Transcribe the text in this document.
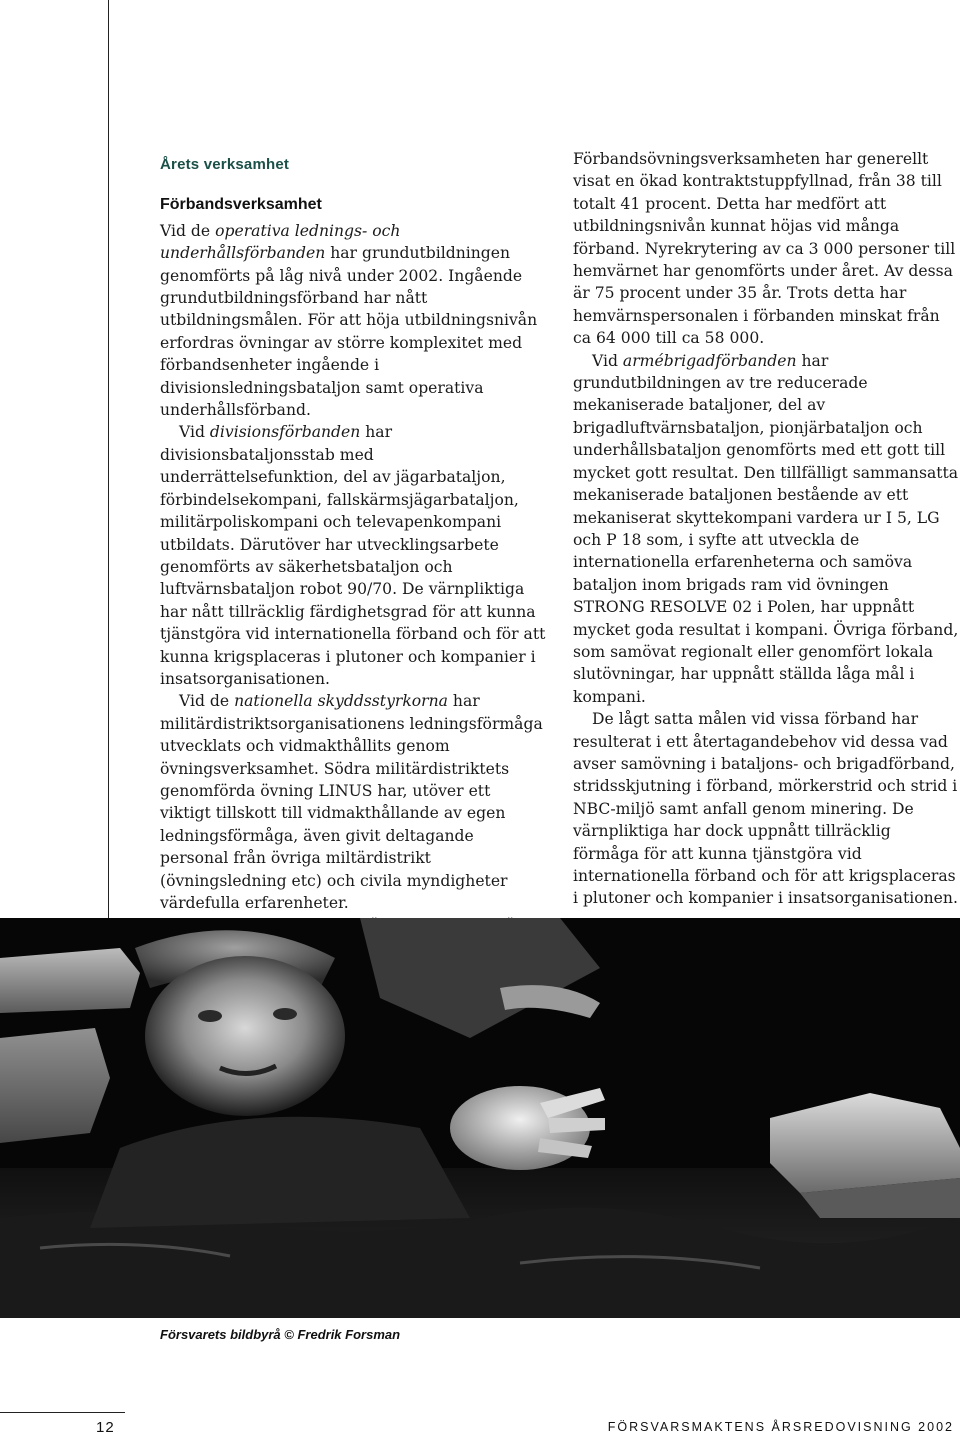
Årets verksamhet
Förbandsverksamhet

Vid de operativa lednings- och underhållsförbanden har grundutbildningen genomförts på låg nivå under 2002. Ingående grundutbildningsförband har nått utbildningsmålen. För att höja utbildningsnivån erfordras övningar av större komplexitet med förbandsenheter ingående i divisionsledningsbataljon samt operativa underhållsförband.

Vid divisionsförbanden har divisionsbataljonsstab med underrättelsefunktion, del av jägarbataljon, förbindelsekompani, fallskärmsjägarbataljon, militärpoliskompani och televapenkompani utbildats. Därutöver har utvecklingsarbete genomförts av säkerhetsbataljon och luftvärnsbataljon robot 90/70. De värnpliktiga har nått tillräcklig färdighetsgrad för att kunna tjänstgöra vid internationella förband och för att kunna krigsplaceras i plutoner och kompanier i insatsorganisationen.

Vid de nationella skyddsstyrkorna har militärdistriktsorganisationens ledningsförmåga utvecklats och vidmakthållits genom övningsverksamhet. Södra militärdistriktets genomförda övning LINUS har, utöver ett viktigt tillskott till vidmakthållande av egen ledningsförmåga, även givit deltagande personal från övriga miltärdistrikt (övningsledning etc) och civila myndigheter värdefulla erfarenheter.

Förbandsövningsverksamheten har generellt visat en ökad kontraktstuppfyllnad, från 38 till totalt 41 procent. Detta har medfört att utbildningsnivån kunnat höjas vid många förband. Nyrekrytering av ca 3 000 personer till hemvärnet har genomförts under året. Av dessa är 75 procent under 35 år. Trots detta har hemvärnspersonalen i förbanden minskat från ca 64 000 till ca 58 000.

Vid armébrigadförbanden har grundutbildningen av tre reducerade mekaniserade bataljoner, del av brigadluftvärnsbataljon, pionjärbataljon och underhållsbataljon genomförts med ett gott till mycket gott resultat. Den tillfälligt sammansatta mekaniserade bataljonen bestående av ett mekaniserat skyttekompani vardera ur I 5, LG och P 18 som, i syfte att utveckla de internationella erfarenheterna och samöva bataljon inom brigads ram vid övningen STRONG RESOLVE 02 i Polen, har uppnått mycket goda resultat i kompani. Övriga förband, som samövat regionalt eller genomfört lokala slutövningar, har uppnått ställda låga mål i kompani.

De lågt satta målen vid vissa förband har resulterat i ett återtagandebehov vid dessa vad avser samövning i bataljons- och brigadförband, stridsskjutning i förband, mörkerstrid och strid i NBC-miljö samt anfall genom minering. De värnpliktiga har dock uppnått tillräcklig förmåga för att kunna tjänstgöra vid internationella förband och för att krigsplaceras i plutoner och kompanier i insatsorganisationen.

Försvarets bildbyrå © Fredrik Forsman
12	FÖRSVARSMAKTENS ÅRSREDOVISNING 2002
